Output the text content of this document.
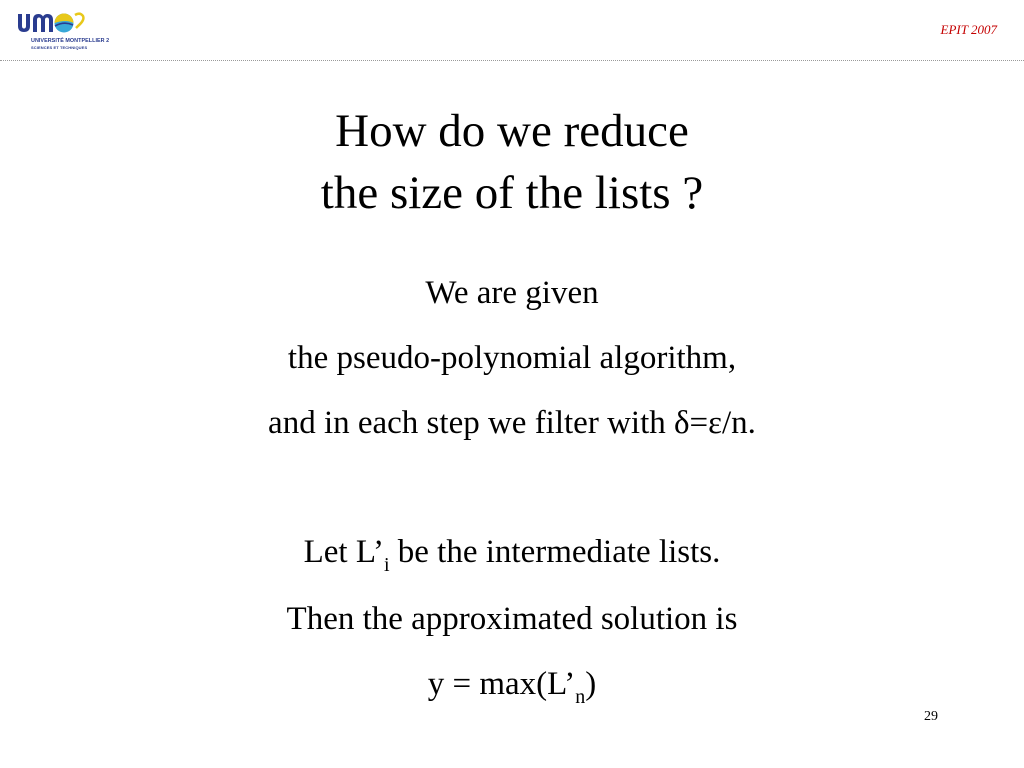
UNIVERSITÉ MONTPELLIER 2
SCIENCES ET TECHNIQUES
EPIT 2007
How do we reduce
the size of the lists ?
We are given
the pseudo-polynomial algorithm,
and in each step we filter with δ=ε/n.
Let $L’_i$ be the intermediate lists.
Then the approximated solution is
$y = \max(L’_n)$
29
